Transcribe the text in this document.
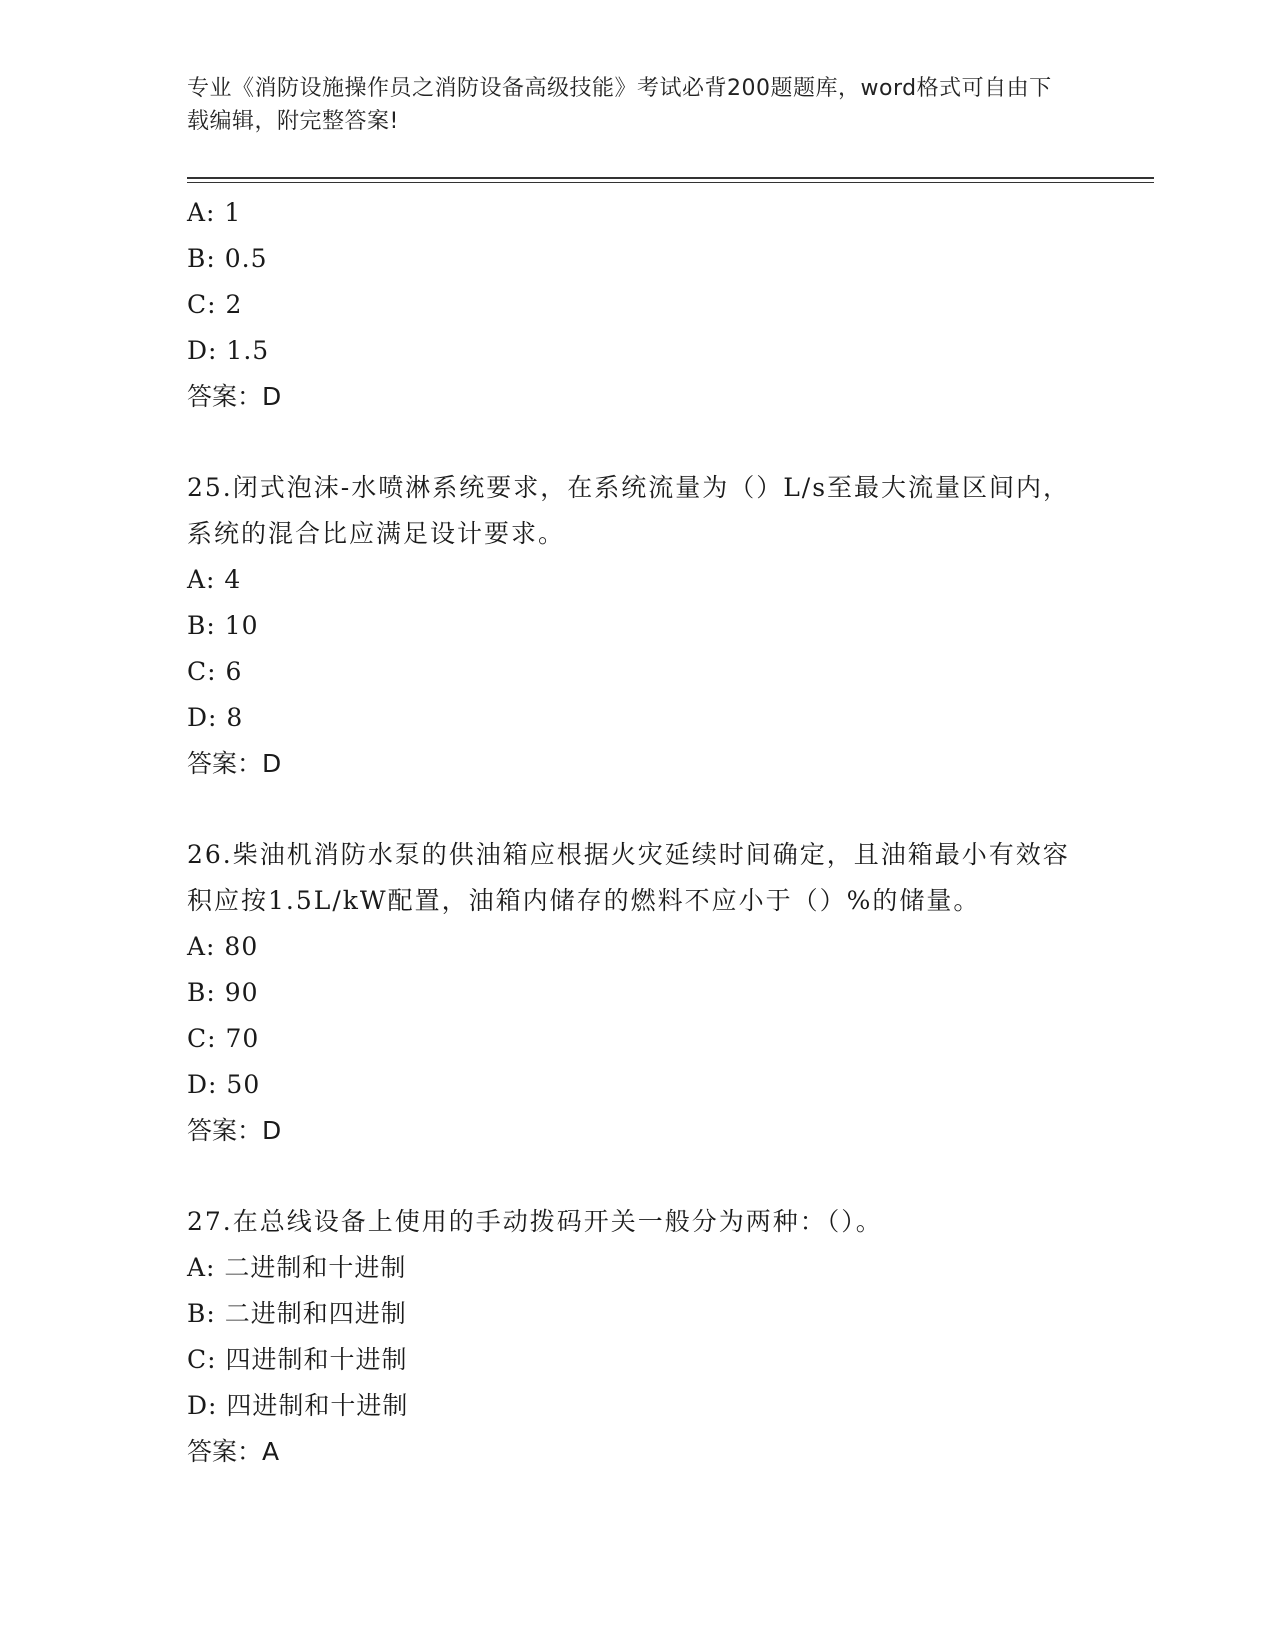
专业《消防设施操作员之消防设备高级技能》考试必背200题题库，word格式可自由下载编辑，附完整答案!
A: 1
B: 0.5
C: 2
D: 1.5
答案：D
25.闭式泡沫-水喷淋系统要求，在系统流量为（）L/s至最大流量区间内，系统的混合比应满足设计要求。
A: 4
B: 10
C: 6
D: 8
答案：D
26.柴油机消防水泵的供油箱应根据火灾延续时间确定，且油箱最小有效容积应按1.5L/kW配置，油箱内储存的燃料不应小于（）%的储量。
A: 80
B: 90
C: 70
D: 50
答案：D
27.在总线设备上使用的手动拨码开关一般分为两种：（）。
A: 二进制和十进制
B: 二进制和四进制
C: 四进制和十进制
D: 四进制和十进制
答案：A
